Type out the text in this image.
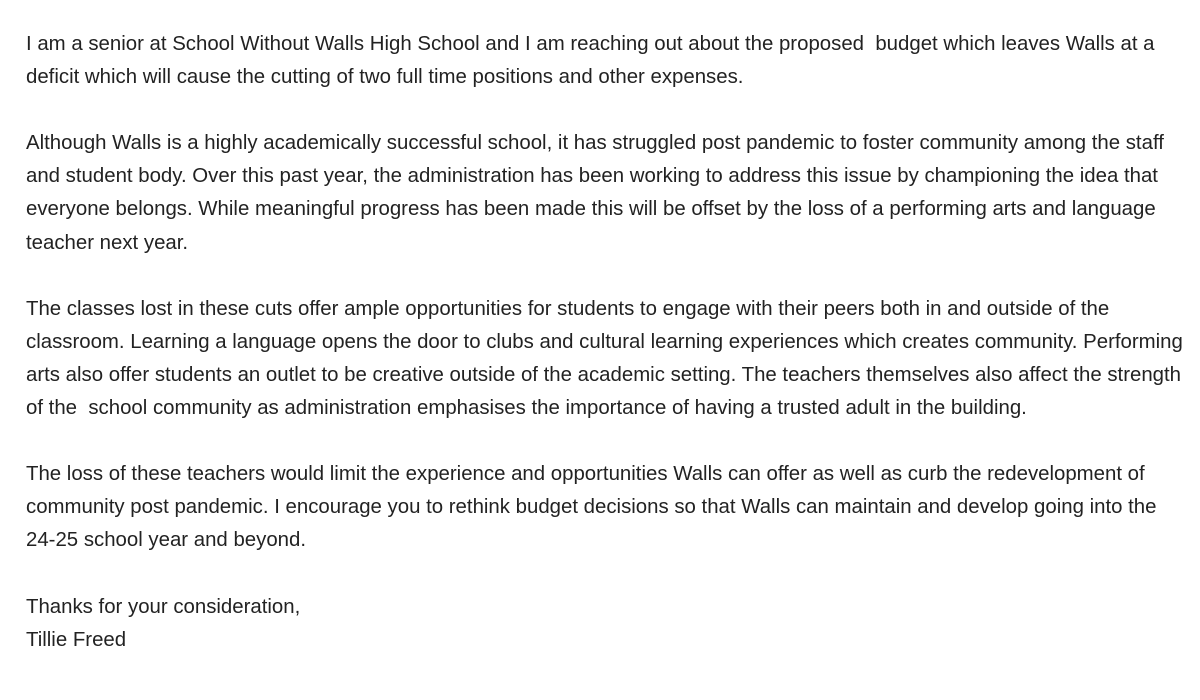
I am a senior at School Without Walls High School and I am reaching out about the proposed  budget which leaves Walls at a deficit which will cause the cutting of two full time positions and other expenses.

Although Walls is a highly academically successful school, it has struggled post pandemic to foster community among the staff and student body. Over this past year, the administration has been working to address this issue by championing the idea that everyone belongs. While meaningful progress has been made this will be offset by the loss of a performing arts and language teacher next year.

The classes lost in these cuts offer ample opportunities for students to engage with their peers both in and outside of the classroom. Learning a language opens the door to clubs and cultural learning experiences which creates community. Performing arts also offer students an outlet to be creative outside of the academic setting. The teachers themselves also affect the strength of the  school community as administration emphasises the importance of having a trusted adult in the building.

The loss of these teachers would limit the experience and opportunities Walls can offer as well as curb the redevelopment of community post pandemic. I encourage you to rethink budget decisions so that Walls can maintain and develop going into the 24-25 school year and beyond.

Thanks for your consideration,
Tillie Freed
